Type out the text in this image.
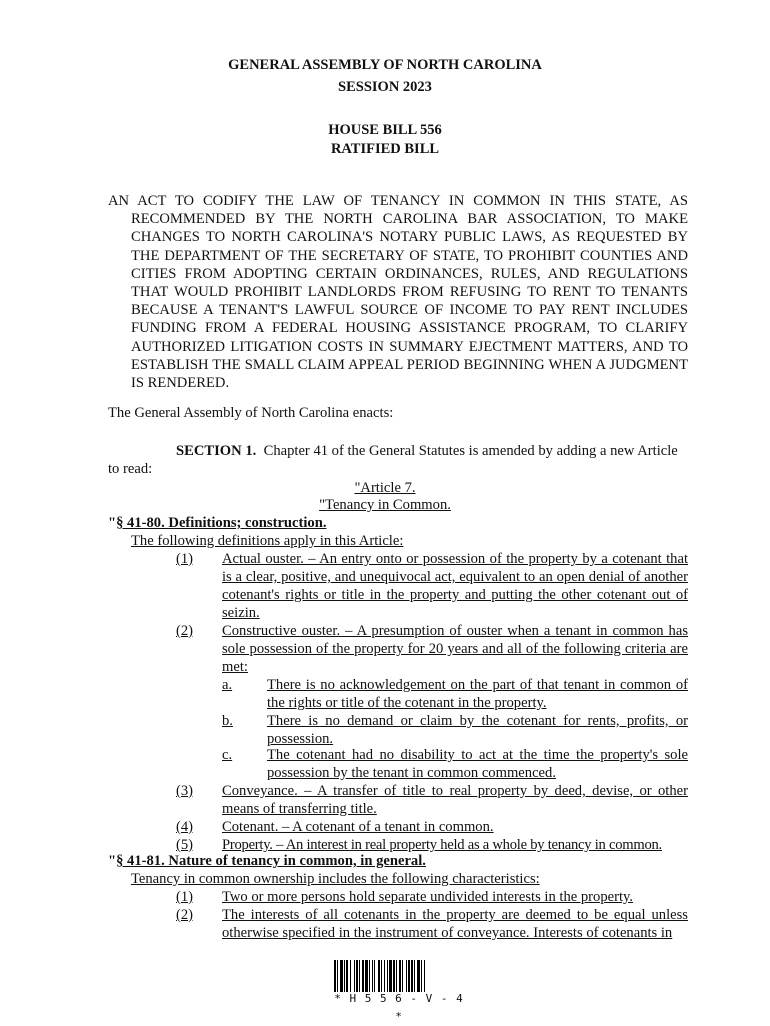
GENERAL ASSEMBLY OF NORTH CAROLINA
SESSION 2023
HOUSE BILL 556
RATIFIED BILL
AN ACT TO CODIFY THE LAW OF TENANCY IN COMMON IN THIS STATE, AS RECOMMENDED BY THE NORTH CAROLINA BAR ASSOCIATION, TO MAKE CHANGES TO NORTH CAROLINA'S NOTARY PUBLIC LAWS, AS REQUESTED BY THE DEPARTMENT OF THE SECRETARY OF STATE, TO PROHIBIT COUNTIES AND CITIES FROM ADOPTING CERTAIN ORDINANCES, RULES, AND REGULATIONS THAT WOULD PROHIBIT LANDLORDS FROM REFUSING TO RENT TO TENANTS BECAUSE A TENANT'S LAWFUL SOURCE OF INCOME TO PAY RENT INCLUDES FUNDING FROM A FEDERAL HOUSING ASSISTANCE PROGRAM, TO CLARIFY AUTHORIZED LITIGATION COSTS IN SUMMARY EJECTMENT MATTERS, AND TO ESTABLISH THE SMALL CLAIM APPEAL PERIOD BEGINNING WHEN A JUDGMENT IS RENDERED.
The General Assembly of North Carolina enacts:
SECTION 1. Chapter 41 of the General Statutes is amended by adding a new Article
to read:
"Article 7.
"Tenancy in Common.
"§ 41-80. Definitions; construction.
The following definitions apply in this Article:
(1) Actual ouster. – An entry onto or possession of the property by a cotenant that is a clear, positive, and unequivocal act, equivalent to an open denial of another cotenant's rights or title in the property and putting the other cotenant out of seizin.
(2) Constructive ouster. – A presumption of ouster when a tenant in common has sole possession of the property for 20 years and all of the following criteria are met:
a. There is no acknowledgement on the part of that tenant in common of the rights or title of the cotenant in the property.
b. There is no demand or claim by the cotenant for rents, profits, or possession.
c. The cotenant had no disability to act at the time the property's sole possession by the tenant in common commenced.
(3) Conveyance. – A transfer of title to real property by deed, devise, or other means of transferring title.
(4) Cotenant. – A cotenant of a tenant in common.
(5) Property. – An interest in real property held as a whole by tenancy in common.
"§ 41-81. Nature of tenancy in common, in general.
Tenancy in common ownership includes the following characteristics:
(1) Two or more persons hold separate undivided interests in the property.
(2) The interests of all cotenants in the property are deemed to be equal unless otherwise specified in the instrument of conveyance. Interests of cotenants in
* H 5 5 6 - V - 4 *
